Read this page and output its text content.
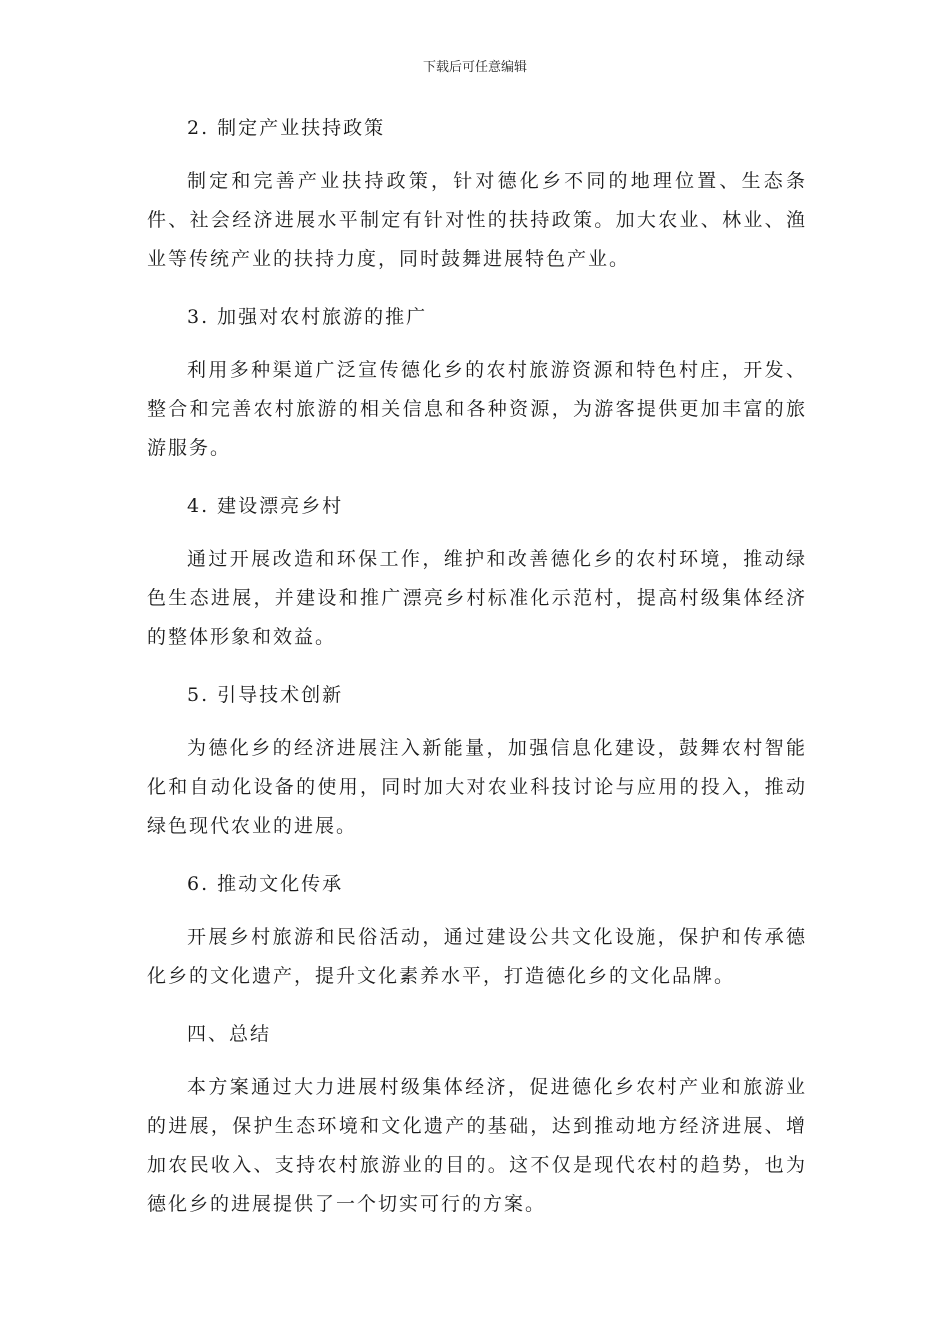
下载后可任意编辑
2. 制定产业扶持政策
制定和完善产业扶持政策，针对德化乡不同的地理位置、生态条件、社会经济进展水平制定有针对性的扶持政策。加大农业、林业、渔业等传统产业的扶持力度，同时鼓舞进展特色产业。
3. 加强对农村旅游的推广
利用多种渠道广泛宣传德化乡的农村旅游资源和特色村庄，开发、整合和完善农村旅游的相关信息和各种资源，为游客提供更加丰富的旅游服务。
4. 建设漂亮乡村
通过开展改造和环保工作，维护和改善德化乡的农村环境，推动绿色生态进展，并建设和推广漂亮乡村标准化示范村，提高村级集体经济的整体形象和效益。
5. 引导技术创新
为德化乡的经济进展注入新能量，加强信息化建设，鼓舞农村智能化和自动化设备的使用，同时加大对农业科技讨论与应用的投入，推动绿色现代农业的进展。
6. 推动文化传承
开展乡村旅游和民俗活动，通过建设公共文化设施，保护和传承德化乡的文化遗产，提升文化素养水平，打造德化乡的文化品牌。
四、总结
本方案通过大力进展村级集体经济，促进德化乡农村产业和旅游业的进展，保护生态环境和文化遗产的基础，达到推动地方经济进展、增加农民收入、支持农村旅游业的目的。这不仅是现代农村的趋势，也为德化乡的进展提供了一个切实可行的方案。
